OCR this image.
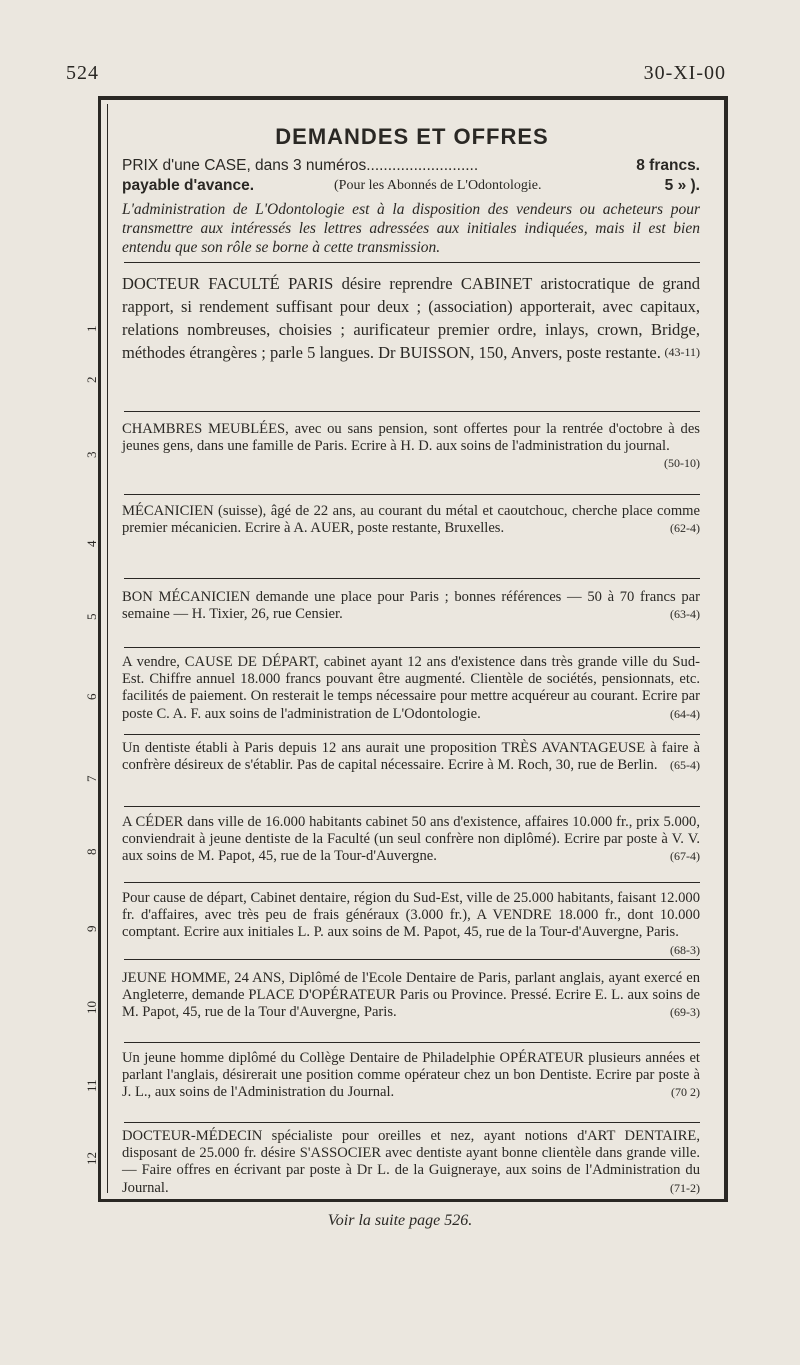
524	30-XI-00
1
2
3
4
5
6
7
8
9
10
11
12
DEMANDES ET OFFRES
PRIX d'une CASE, dans 3 numéros..........................	8 francs.
payable d'avance.	(Pour les Abonnés de L'Odontologie.	5 » ).
L'administration de L'Odontologie est à la disposition des vendeurs ou acheteurs pour transmettre aux intéressés les lettres adressées aux initiales indiquées, mais il est bien entendu que son rôle se borne à cette transmission.
DOCTEUR FACULTÉ PARIS désire reprendre CABINET aristocratique de grand rapport, si rendement suffisant pour deux ; (association) apporterait, avec capitaux, relations nombreuses, choisies ; aurificateur premier ordre, inlays, crown, Bridge, méthodes étrangères ; parle 5 langues. Dr BUISSON, 150, Anvers, poste restante. (43-11)
CHAMBRES MEUBLÉES, avec ou sans pension, sont offertes pour la rentrée d'octobre à des jeunes gens, dans une famille de Paris. Ecrire à H. D. aux soins de l'administration du journal.
(50-10)
MÉCANICIEN (suisse), âgé de 22 ans, au courant du métal et caoutchouc, cherche place comme premier mécanicien. Ecrire à A. AUER, poste restante, Bruxelles.	(62-4)
BON MÉCANICIEN demande une place pour Paris ; bonnes références — 50 à 70 francs par semaine — H. Tixier, 26, rue Censier.	(63-4)
A vendre, CAUSE DE DÉPART, cabinet ayant 12 ans d'existence dans très grande ville du Sud-Est. Chiffre annuel 18.000 francs pouvant être augmenté. Clientèle de sociétés, pensionnats, etc. facilités de paiement. On resterait le temps nécessaire pour mettre acquéreur au courant. Ecrire par poste C. A. F. aux soins de l'administration de L'Odontologie.	(64-4)
Un dentiste établi à Paris depuis 12 ans aurait une proposition TRÈS AVANTAGEUSE à faire à confrère désireux de s'établir. Pas de capital nécessaire. Ecrire à M. Roch, 30, rue de Berlin. (65-4)
A CÉDER dans ville de 16.000 habitants cabinet 50 ans d'existence, affaires 10.000 fr., prix 5.000, conviendrait à jeune dentiste de la Faculté (un seul confrère non diplômé). Ecrire par poste à V. V. aux soins de M. Papot, 45, rue de la Tour-d'Auvergne.	(67-4)
Pour cause de départ, Cabinet dentaire, région du Sud-Est, ville de 25.000 habitants, faisant 12.000 fr. d'affaires, avec très peu de frais généraux (3.000 fr.), A VENDRE 18.000 fr., dont 10.000 comptant. Ecrire aux initiales L. P. aux soins de M. Papot, 45, rue de la Tour-d'Auvergne, Paris.
(68-3)
JEUNE HOMME, 24 ANS, Diplômé de l'Ecole Dentaire de Paris, parlant anglais, ayant exercé en Angleterre, demande PLACE D'OPÉRATEUR Paris ou Province. Pressé. Ecrire E. L. aux soins de M. Papot, 45, rue de la Tour d'Auvergne, Paris.	(69-3)
Un jeune homme diplômé du Collège Dentaire de Philadelphie OPÉRATEUR plusieurs années et parlant l'anglais, désirerait une position comme opérateur chez un bon Dentiste. Ecrire par poste à J. L., aux soins de l'Administration du Journal.	(70 2)
DOCTEUR-MÉDECIN spécialiste pour oreilles et nez, ayant notions d'ART DENTAIRE, disposant de 25.000 fr. désire S'ASSOCIER avec dentiste ayant bonne clientèle dans grande ville. — Faire offres en écrivant par poste à Dr L. de la Guigneraye, aux soins de l'Administration du Journal.	(71-2)
Voir la suite page 526.
